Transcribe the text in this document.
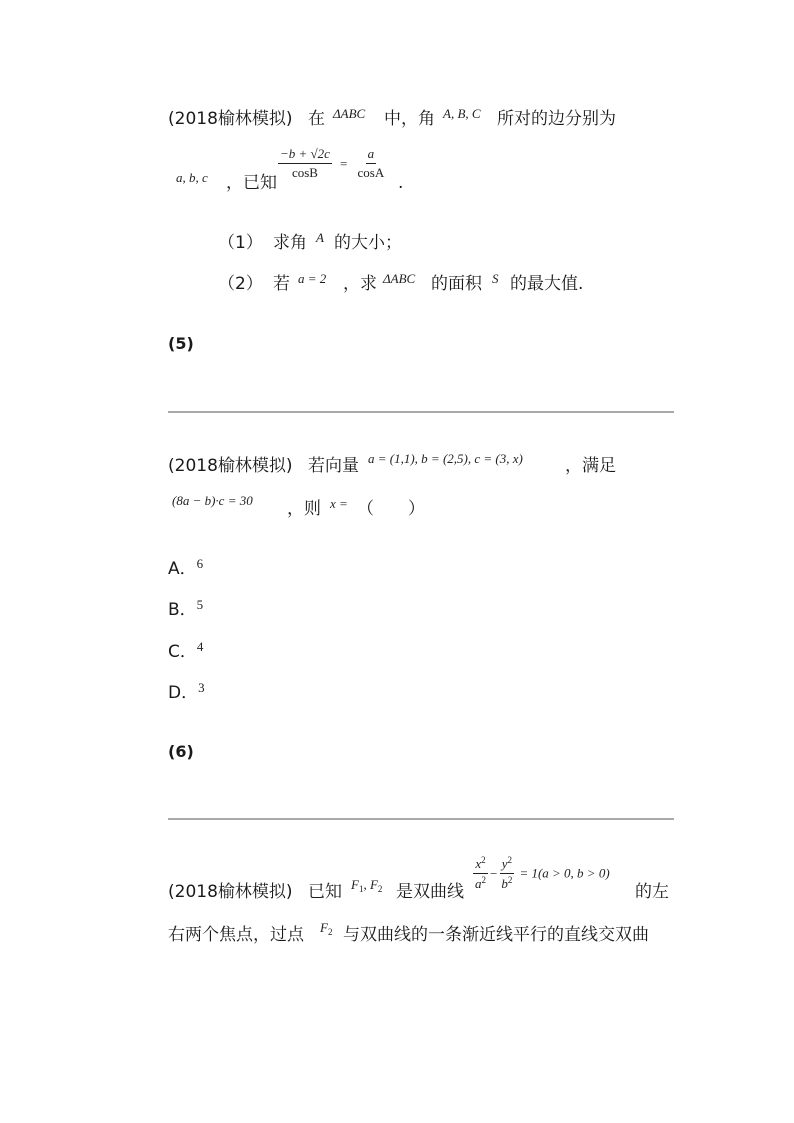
(2018榆林模拟) 在 ΔABC 中，角 A, B, C 所对的边分别为
a, b, c ，已知
$\frac{-b + √2c}{\cos B} = \frac{a}{\cos A}$
.
（1） 求角 A 的大小；
（2） 若 a = 2 ，求 ΔABC 的面积 S 的最大值.
(5)
(2018榆林模拟) 若向量 a = (1,1), b = (2,5), c = (3, x) ，满足
(8a − b)·c = 30 ，则 x = （　　）
A．$^6$
B．$^5$
C．$^4$
D．$^3$
(6)
(2018榆林模拟) 已知 $F_1$, $F_2$ 是双曲线 $\frac{x^2}{a^2} - \frac{y^2}{b^2} = 1(a > 0$, b > 0)
的左
右两个焦点，过点 $F_2$ 与双曲线的一条渐近线平行的直线交双曲
